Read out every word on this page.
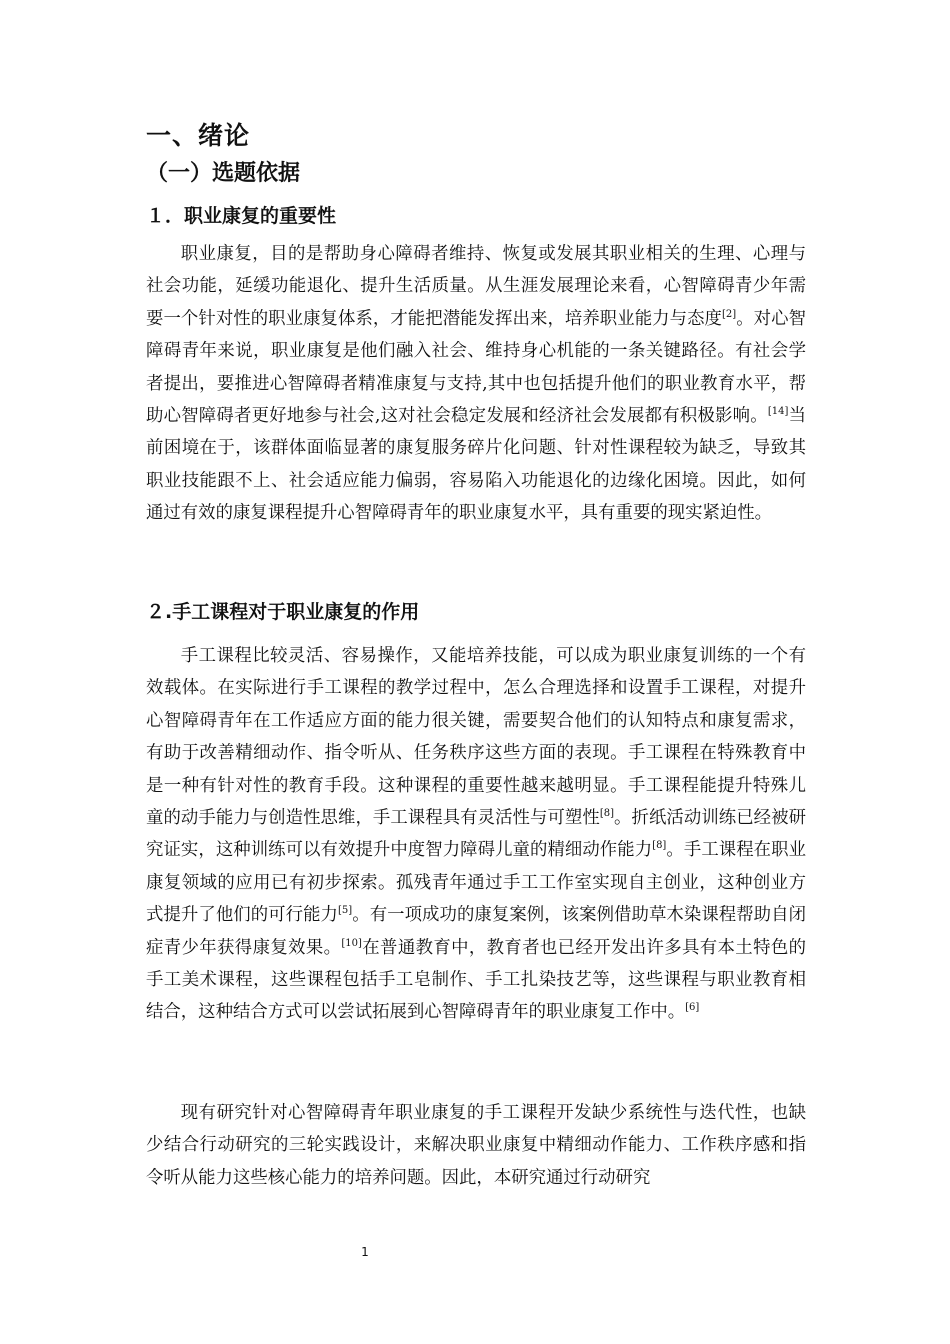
一、绪论
（一）选题依据
１．职业康复的重要性
职业康复，目的是帮助身心障碍者维持、恢复或发展其职业相关的生理、心理与社会功能，延缓功能退化、提升生活质量。从生涯发展理论来看，心智障碍青少年需要一个针对性的职业康复体系，才能把潜能发挥出来，培养职业能力与态度[2]。对心智障碍青年来说，职业康复是他们融入社会、维持身心机能的一条关键路径。有社会学者提出，要推进心智障碍者精准康复与支持,其中也包括提升他们的职业教育水平，帮助心智障碍者更好地参与社会,这对社会稳定发展和经济社会发展都有积极影响。[14]当前困境在于，该群体面临显著的康复服务碎片化问题、针对性课程较为缺乏，导致其职业技能跟不上、社会适应能力偏弱，容易陷入功能退化的边缘化困境。因此，如何通过有效的康复课程提升心智障碍青年的职业康复水平，具有重要的现实紧迫性。
２.手工课程对于职业康复的作用
手工课程比较灵活、容易操作，又能培养技能，可以成为职业康复训练的一个有效载体。在实际进行手工课程的教学过程中，怎么合理选择和设置手工课程，对提升心智障碍青年在工作适应方面的能力很关键，需要契合他们的认知特点和康复需求，有助于改善精细动作、指令听从、任务秩序这些方面的表现。手工课程在特殊教育中是一种有针对性的教育手段。这种课程的重要性越来越明显。手工课程能提升特殊儿童的动手能力与创造性思维，手工课程具有灵活性与可塑性[8]。折纸活动训练已经被研究证实，这种训练可以有效提升中度智力障碍儿童的精细动作能力[8]。手工课程在职业康复领域的应用已有初步探索。孤残青年通过手工工作室实现自主创业，这种创业方式提升了他们的可行能力[5]。有一项成功的康复案例，该案例借助草木染课程帮助自闭症青少年获得康复效果。[10]在普通教育中，教育者也已经开发出许多具有本土特色的手工美术课程，这些课程包括手工皂制作、手工扎染技艺等，这些课程与职业教育相结合，这种结合方式可以尝试拓展到心智障碍青年的职业康复工作中。[6]
现有研究针对心智障碍青年职业康复的手工课程开发缺少系统性与迭代性，也缺少结合行动研究的三轮实践设计，来解决职业康复中精细动作能力、工作秩序感和指令听从能力这些核心能力的培养问题。因此，本研究通过行动研究
1
